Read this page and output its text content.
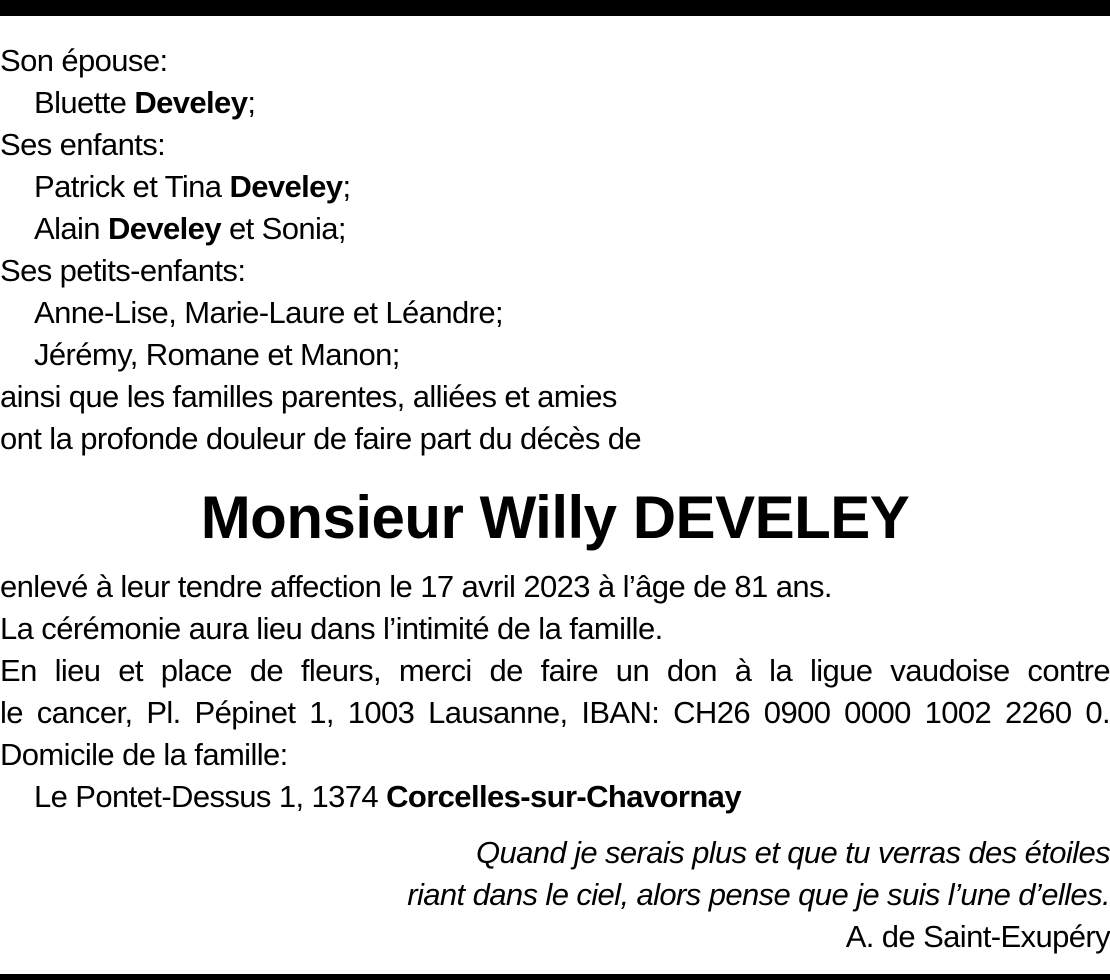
Son épouse:
Bluette Develey;
Ses enfants:
Patrick et Tina Develey;
Alain Develey et Sonia;
Ses petits-enfants:
Anne-Lise, Marie-Laure et Léandre;
Jérémy, Romane et Manon;
ainsi que les familles parentes, alliées et amies
ont la profonde douleur de faire part du décès de
Monsieur Willy DEVELEY
enlevé à leur tendre affection le 17 avril 2023 à l’âge de 81 ans.
La cérémonie aura lieu dans l’intimité de la famille.
En lieu et place de fleurs, merci de faire un don à la ligue vaudoise contre
le cancer, Pl. Pépinet 1, 1003 Lausanne, IBAN: CH26 0900 0000 1002 2260 0.
Domicile de la famille:
Le Pontet-Dessus 1, 1374 Corcelles-sur-Chavornay
Quand je serais plus et que tu verras des étoiles
riant dans le ciel, alors pense que je suis l’une d’elles.
A. de Saint-Exupéry
